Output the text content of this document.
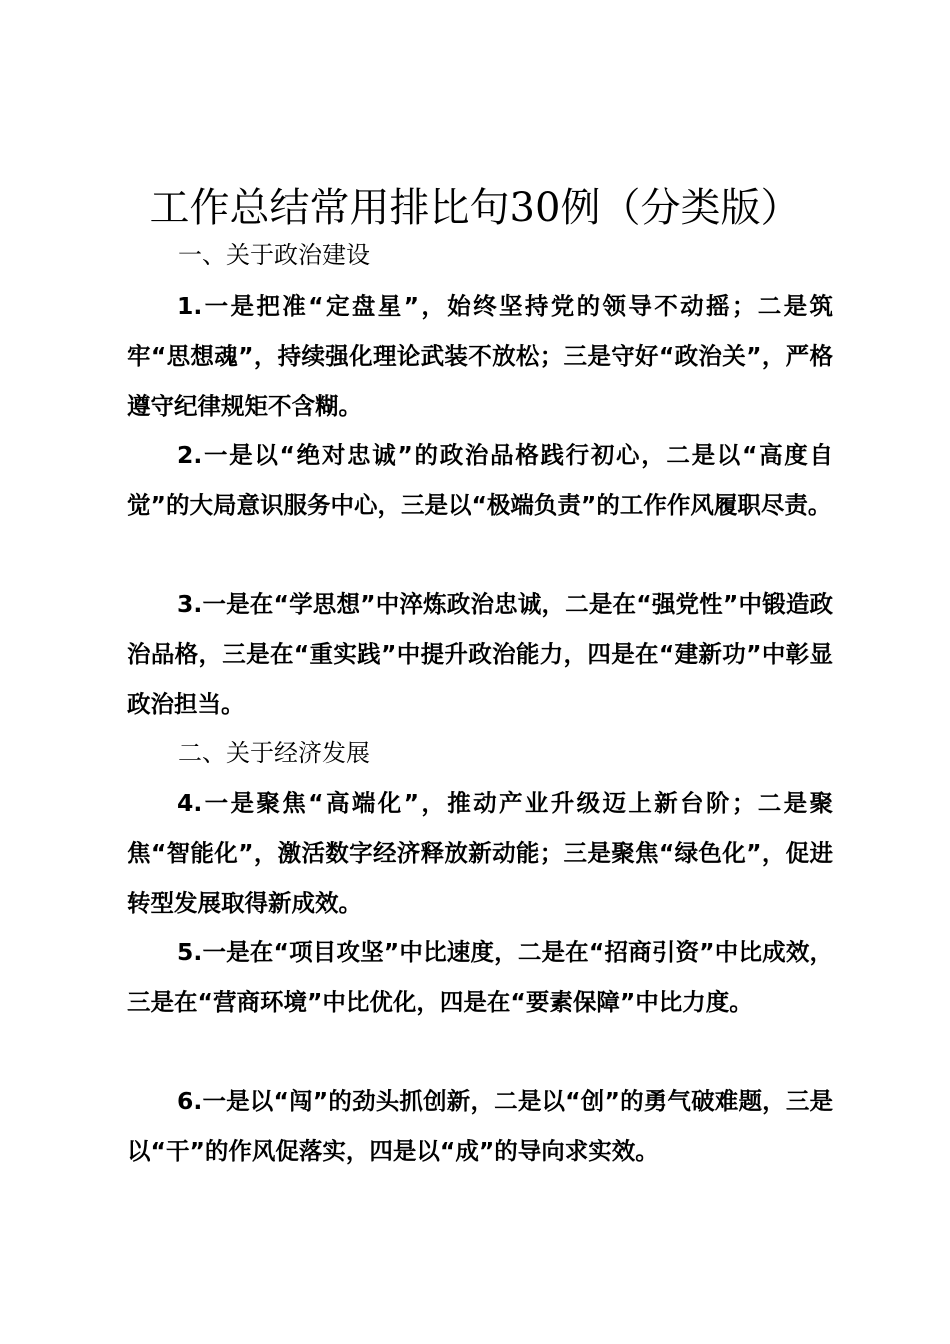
工作总结常用排比句30例（分类版）
一、关于政治建设

1.一是把准“定盘星”，始终坚持党的领导不动摇；二是筑牢“思想魂”，持续强化理论武装不放松；三是守好“政治关”，严格遵守纪律规矩不含糊。

2.一是以“绝对忠诚”的政治品格践行初心，二是以“高度自觉”的大局意识服务中心，三是以“极端负责”的工作作风履职尽责。

3.一是在“学思想”中淬炼政治忠诚，二是在“强党性”中锻造政治品格，三是在“重实践”中提升政治能力，四是在“建新功”中彰显政治担当。

二、关于经济发展

4.一是聚焦“高端化”，推动产业升级迈上新台阶；二是聚焦“智能化”，激活数字经济释放新动能；三是聚焦“绿色化”，促进转型发展取得新成效。

5.一是在“项目攻坚”中比速度，二是在“招商引资”中比成效，三是在“营商环境”中比优化，四是在“要素保障”中比力度。

6.一是以“闯”的劲头抓创新，二是以“创”的勇气破难题，三是以“干”的作风促落实，四是以“成”的导向求实效。
